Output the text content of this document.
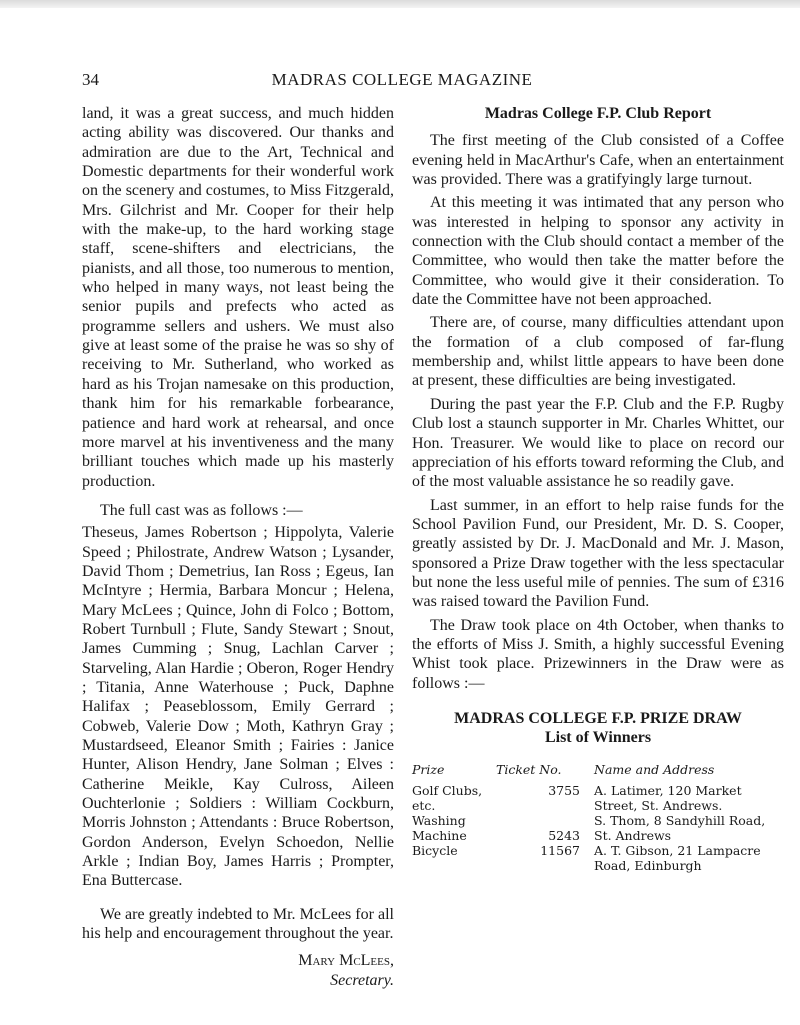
34	MADRAS COLLEGE MAGAZINE

land, it was a great success, and much hidden acting ability was discovered. Our thanks and admiration are due to the Art, Technical and Domestic departments for their wonderful work on the scenery and costumes, to Miss Fitzgerald, Mrs. Gilchrist and Mr. Cooper for their help with the make-up, to the hard working stage staff, scene-shifters and electricians, the pianists, and all those, too numerous to mention, who helped in many ways, not least being the senior pupils and prefects who acted as programme sellers and ushers. We must also give at least some of the praise he was so shy of receiving to Mr. Sutherland, who worked as hard as his Trojan namesake on this production, thank him for his remarkable forbearance, patience and hard work at rehearsal, and once more marvel at his inventiveness and the many brilliant touches which made up his masterly production.

The full cast was as follows :—

Theseus, James Robertson ; Hippolyta, Valerie Speed ; Philostrate, Andrew Watson ; Lysander, David Thom ; Demetrius, Ian Ross ; Egeus, Ian McIntyre ; Hermia, Barbara Moncur ; Helena, Mary McLees ; Quince, John di Folco ; Bottom, Robert Turnbull ; Flute, Sandy Stewart ; Snout, James Cumming ; Snug, Lachlan Carver ; Starveling, Alan Hardie ; Oberon, Roger Hendry ; Titania, Anne Waterhouse ; Puck, Daphne Halifax ; Peaseblossom, Emily Gerrard ; Cobweb, Valerie Dow ; Moth, Kathryn Gray ; Mustardseed, Eleanor Smith ; Fairies : Janice Hunter, Alison Hendry, Jane Solman ; Elves : Catherine Meikle, Kay Culross, Aileen Ouchterlonie ; Soldiers : William Cockburn, Morris Johnston ; Attendants : Bruce Robertson, Gordon Anderson, Evelyn Schoedon, Nellie Arkle ; Indian Boy, James Harris ; Prompter, Ena Buttercase.

We are greatly indebted to Mr. McLees for all his help and encouragement throughout the year.

Mary McLees,
Secretary.
Madras College F.P. Club Report

The first meeting of the Club consisted of a Coffee evening held in MacArthur's Cafe, when an entertainment was provided. There was a gratifyingly large turnout.

At this meeting it was intimated that any person who was interested in helping to sponsor any activity in connection with the Club should contact a member of the Committee, who would then take the matter before the Committee, who would give it their consideration. To date the Committee have not been approached.

There are, of course, many difficulties attendant upon the formation of a club composed of far-flung membership and, whilst little appears to have been done at present, these difficulties are being investigated.

During the past year the F.P. Club and the F.P. Rugby Club lost a staunch supporter in Mr. Charles Whittet, our Hon. Treasurer. We would like to place on record our appreciation of his efforts toward reforming the Club, and of the most valuable assistance he so readily gave.

Last summer, in an effort to help raise funds for the School Pavilion Fund, our President, Mr. D. S. Cooper, greatly assisted by Dr. J. MacDonald and Mr. J. Mason, sponsored a Prize Draw together with the less spectacular but none the less useful mile of pennies. The sum of £316 was raised toward the Pavilion Fund.

The Draw took place on 4th October, when thanks to the efforts of Miss J. Smith, a highly successful Evening Whist took place. Prizewinners in the Draw were as follows :—

MADRAS COLLEGE F.P. PRIZE DRAW
List of Winners
Prize	Ticket No.	Name and Address
Golf Clubs, etc.	3755	A. Latimer, 120 Market Street, St. Andrews.
Washing Machine	5243	S. Thom, 8 Sandyhill Road, St. Andrews
Bicycle	11567	A. T. Gibson, 21 Lampacre Road, Edinburgh
